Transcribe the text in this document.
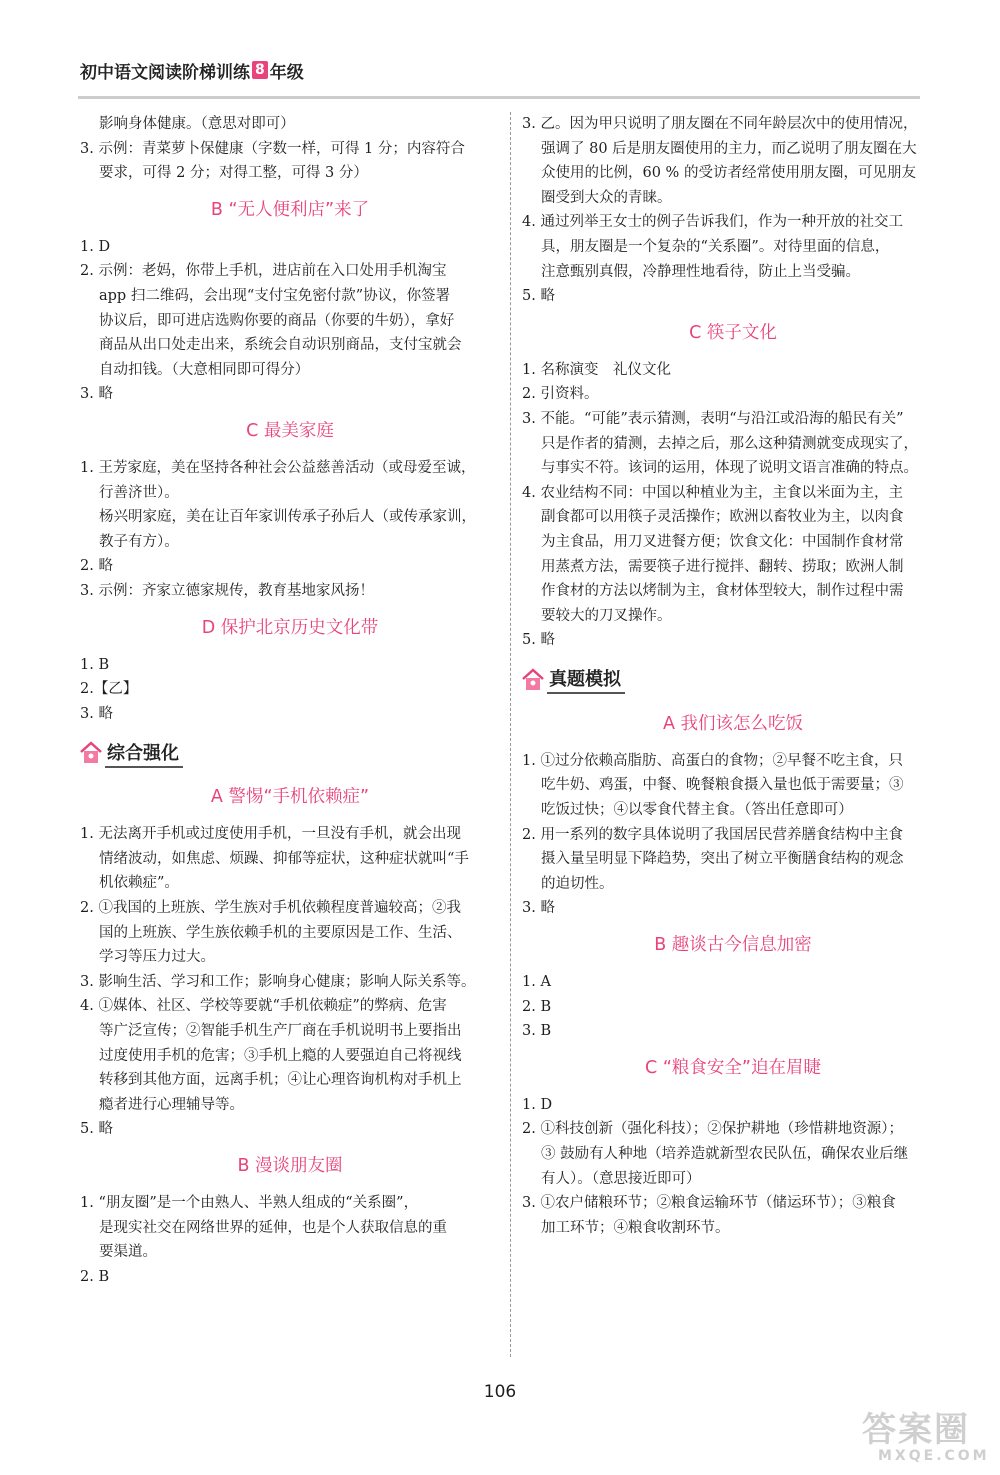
初中语文阅读阶梯训练 8 年级
影响身体健康。（意思对即可）
3. 示例：青菜萝卜保健康（字数一样，可得 1 分；内容符合
要求，可得 2 分；对得工整，可得 3 分）
B “无人便利店”来了
1. D
2. 示例：老妈，你带上手机，进店前在入口处用手机淘宝
app 扫二维码，会出现“支付宝免密付款”协议，你签署
协议后，即可进店选购你要的商品（你要的牛奶），拿好
商品从出口处走出来，系统会自动识别商品，支付宝就会
自动扣钱。（大意相同即可得分）
3. 略
C 最美家庭
1. 王芳家庭，美在坚持各种社会公益慈善活动（或母爱至诚，
行善济世）。
杨兴明家庭，美在让百年家训传承子孙后人（或传承家训，
教子有方）。
2. 略
3. 示例：齐家立德家规传，教育基地家风扬！
D 保护北京历史文化带
1. B
2.【乙】
3. 略
综合强化
A 警惕“手机依赖症”
1. 无法离开手机或过度使用手机，一旦没有手机，就会出现
情绪波动，如焦虑、烦躁、抑郁等症状，这种症状就叫“手
机依赖症”。
2. ①我国的上班族、学生族对手机依赖程度普遍较高；②我
国的上班族、学生族依赖手机的主要原因是工作、生活、
学习等压力过大。
3. 影响生活、学习和工作；影响身心健康；影响人际关系等。
4. ①媒体、社区、学校等要就“手机依赖症”的弊病、危害
等广泛宣传；②智能手机生产厂商在手机说明书上要指出
过度使用手机的危害；③手机上瘾的人要强迫自己将视线
转移到其他方面，远离手机；④让心理咨询机构对手机上
瘾者进行心理辅导等。
5. 略
B 漫谈朋友圈
1. “朋友圈”是一个由熟人、半熟人组成的“关系圈”，
是现实社交在网络世界的延伸，也是个人获取信息的重
要渠道。
2. B
3. 乙。因为甲只说明了朋友圈在不同年龄层次中的使用情况，
强调了 80 后是朋友圈使用的主力，而乙说明了朋友圈在大
众使用的比例，60 % 的受访者经常使用朋友圈，可见朋友
圈受到大众的青睐。
4. 通过列举王女士的例子告诉我们，作为一种开放的社交工
具，朋友圈是一个复杂的“关系圈”。对待里面的信息，
注意甄别真假，冷静理性地看待，防止上当受骗。
5. 略
C 筷子文化
1. 名称演变　礼仪文化
2. 引资料。
3. 不能。“可能”表示猜测，表明“与沿江或沿海的船民有关”
只是作者的猜测，去掉之后，那么这种猜测就变成现实了，
与事实不符。该词的运用，体现了说明文语言准确的特点。
4. 农业结构不同：中国以种植业为主，主食以米面为主，主
副食都可以用筷子灵活操作；欧洲以畜牧业为主，以肉食
为主食品，用刀叉进餐方便；饮食文化：中国制作食材常
用蒸煮方法，需要筷子进行搅拌、翻转、捞取；欧洲人制
作食材的方法以烤制为主，食材体型较大，制作过程中需
要较大的刀叉操作。
5. 略
真题模拟
A 我们该怎么吃饭
1. ①过分依赖高脂肪、高蛋白的食物；②早餐不吃主食，只
吃牛奶、鸡蛋，中餐、晚餐粮食摄入量也低于需要量；③
吃饭过快；④以零食代替主食。（答出任意即可）
2. 用一系列的数字具体说明了我国居民营养膳食结构中主食
摄入量呈明显下降趋势，突出了树立平衡膳食结构的观念
的迫切性。
3. 略
B 趣谈古今信息加密
1. A
2. B
3. B
C “粮食安全”迫在眉睫
1. D
2. ①科技创新（强化科技）；②保护耕地（珍惜耕地资源）；
③ 鼓励有人种地（培养造就新型农民队伍，确保农业后继
有人）。（意思接近即可）
3. ①农户储粮环节；②粮食运输环节（储运环节）；③粮食
加工环节；④粮食收割环节。
106
答案圈
MXQE.COM
